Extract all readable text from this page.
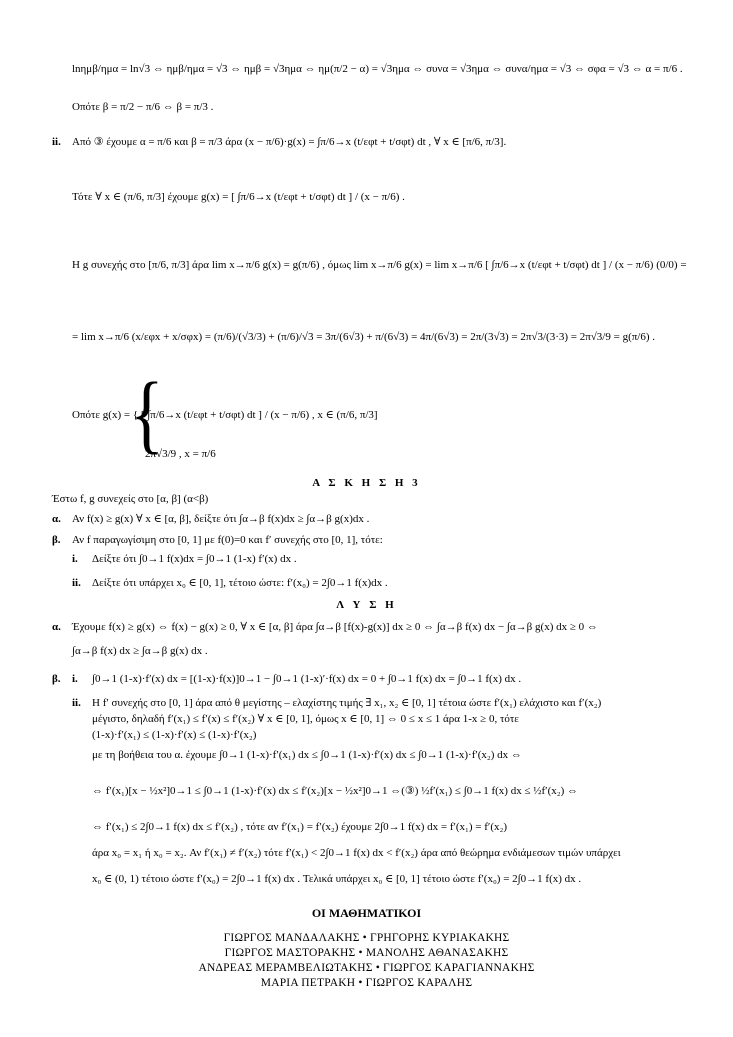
lnημβ/ημα = ln√3 ⇔ ημβ/ημα = √3 ⇔ ημβ = √3ημα ⇔ ημ(π/2 − α) = √3ημα ⇔ συνα = √3ημα ⇔ συνα/ημα = √3 ⇔ σφα = √3 ⇔ α = π/6 .
Οπότε β = π/2 − π/6 ⇔ β = π/3 .
ii. Από ③ έχουμε α = π/6 και β = π/3 άρα (x − π/6)·g(x) = ∫π/6→x (t/εφt + t/σφt) dt , ∀ x ∈ [π/6, π/3].
Τότε ∀ x ∈ (π/6, π/3] έχουμε g(x) = [ ∫π/6→x (t/εφt + t/σφt) dt ] / (x − π/6) .
Η g συνεχής στο [π/6, π/3] άρα lim x→π/6 g(x) = g(π/6) , όμως lim x→π/6 g(x) = lim x→π/6 [ ∫π/6→x (t/εφt + t/σφt) dt ] / (x − π/6) (0/0) =
= lim x→π/6 (x/εφx + x/σφx) = (π/6)/(√3/3) + (π/6)/√3 = 3π/(6√3) + π/(6√3) = 4π/(6√3) = 2π/(3√3) = 2π√3/(3·3) = 2π√3/9 = g(π/6) .
{
Οπότε g(x) = { [ ∫π/6→x (t/εφt + t/σφt) dt ] / (x − π/6) , x ∈ (π/6, π/3]
2π√3/9 , x = π/6
Α Σ Κ Η Σ Η 3
Έστω f, g συνεχείς στο [α, β] (α<β)
α. Αν f(x) ≥ g(x) ∀ x ∈ [α, β], δείξτε ότι ∫α→β f(x)dx ≥ ∫α→β g(x)dx .
β. Αν f παραγωγίσιμη στο [0, 1] με f(0)=0 και f′ συνεχής στο [0, 1], τότε:
i. Δείξτε ότι ∫0→1 f(x)dx = ∫0→1 (1-x) f′(x) dx .
ii. Δείξτε ότι υπάρχει x₀ ∈ [0, 1], τέτοιο ώστε: f′(x₀) = 2∫0→1 f(x)dx .
Λ Υ Σ Η
α. Έχουμε f(x) ≥ g(x) ⇔ f(x) − g(x) ≥ 0, ∀ x ∈ [α, β] άρα ∫α→β [f(x)-g(x)] dx ≥ 0 ⇔ ∫α→β f(x) dx − ∫α→β g(x) dx ≥ 0 ⇔
∫α→β f(x) dx ≥ ∫α→β g(x) dx .
β. i. ∫0→1 (1-x)·f′(x) dx = [(1-x)·f(x)]0→1 − ∫0→1 (1-x)′·f(x) dx = 0 + ∫0→1 f(x) dx = ∫0→1 f(x) dx .
ii. Η f′ συνεχής στο [0, 1] άρα από θ μεγίστης – ελαχίστης τιμής ∃ x₁, x₂ ∈ [0, 1] τέτοια ώστε f′(x₁) ελάχιστο και f′(x₂)
μέγιστο, δηλαδή f′(x₁) ≤ f′(x) ≤ f′(x₂) ∀ x ∈ [0, 1], όμως x ∈ [0, 1] ⇔ 0 ≤ x ≤ 1 άρα 1-x ≥ 0, τότε
(1-x)·f′(x₁) ≤ (1-x)·f′(x) ≤ (1-x)·f′(x₂)
με τη βοήθεια του α. έχουμε ∫0→1 (1-x)·f′(x₁) dx ≤ ∫0→1 (1-x)·f′(x) dx ≤ ∫0→1 (1-x)·f′(x₂) dx ⇔
⇔ f′(x₁)[x − ½x²]0→1 ≤ ∫0→1 (1-x)·f′(x) dx ≤ f′(x₂)[x − ½x²]0→1 ⇔(③) ½f′(x₁) ≤ ∫0→1 f(x) dx ≤ ½f′(x₂) ⇔
⇔ f′(x₁) ≤ 2∫0→1 f(x) dx ≤ f′(x₂) , τότε αν f′(x₁) = f′(x₂) έχουμε 2∫0→1 f(x) dx = f′(x₁) = f′(x₂)
άρα x₀ = x₁ ή x₀ = x₂. Αν f′(x₁) ≠ f′(x₂) τότε f′(x₁) < 2∫0→1 f(x) dx < f′(x₂) άρα από θεώρημα ενδιάμεσων τιμών υπάρχει
x₀ ∈ (0, 1) τέτοιο ώστε f′(x₀) = 2∫0→1 f(x) dx . Τελικά υπάρχει x₀ ∈ [0, 1] τέτοιο ώστε f′(x₀) = 2∫0→1 f(x) dx .
ΟΙ ΜΑΘΗΜΑΤΙΚΟΙ
ΓΙΩΡΓΟΣ ΜΑΝΔΑΛΑΚΗΣ • ΓΡΗΓΟΡΗΣ ΚΥΡΙΑΚΑΚΗΣ
ΓΙΩΡΓΟΣ ΜΑΣΤΟΡΑΚΗΣ • ΜΑΝΟΛΗΣ ΑΘΑΝΑΣΑΚΗΣ
ΑΝΔΡΕΑΣ ΜΕΡΑΜΒΕΛΙΩΤΑΚΗΣ • ΓΙΩΡΓΟΣ ΚΑΡΑΓΙΑΝΝΑΚΗΣ
ΜΑΡΙΑ ΠΕΤΡΑΚΗ • ΓΙΩΡΓΟΣ ΚΑΡΑΛΗΣ
